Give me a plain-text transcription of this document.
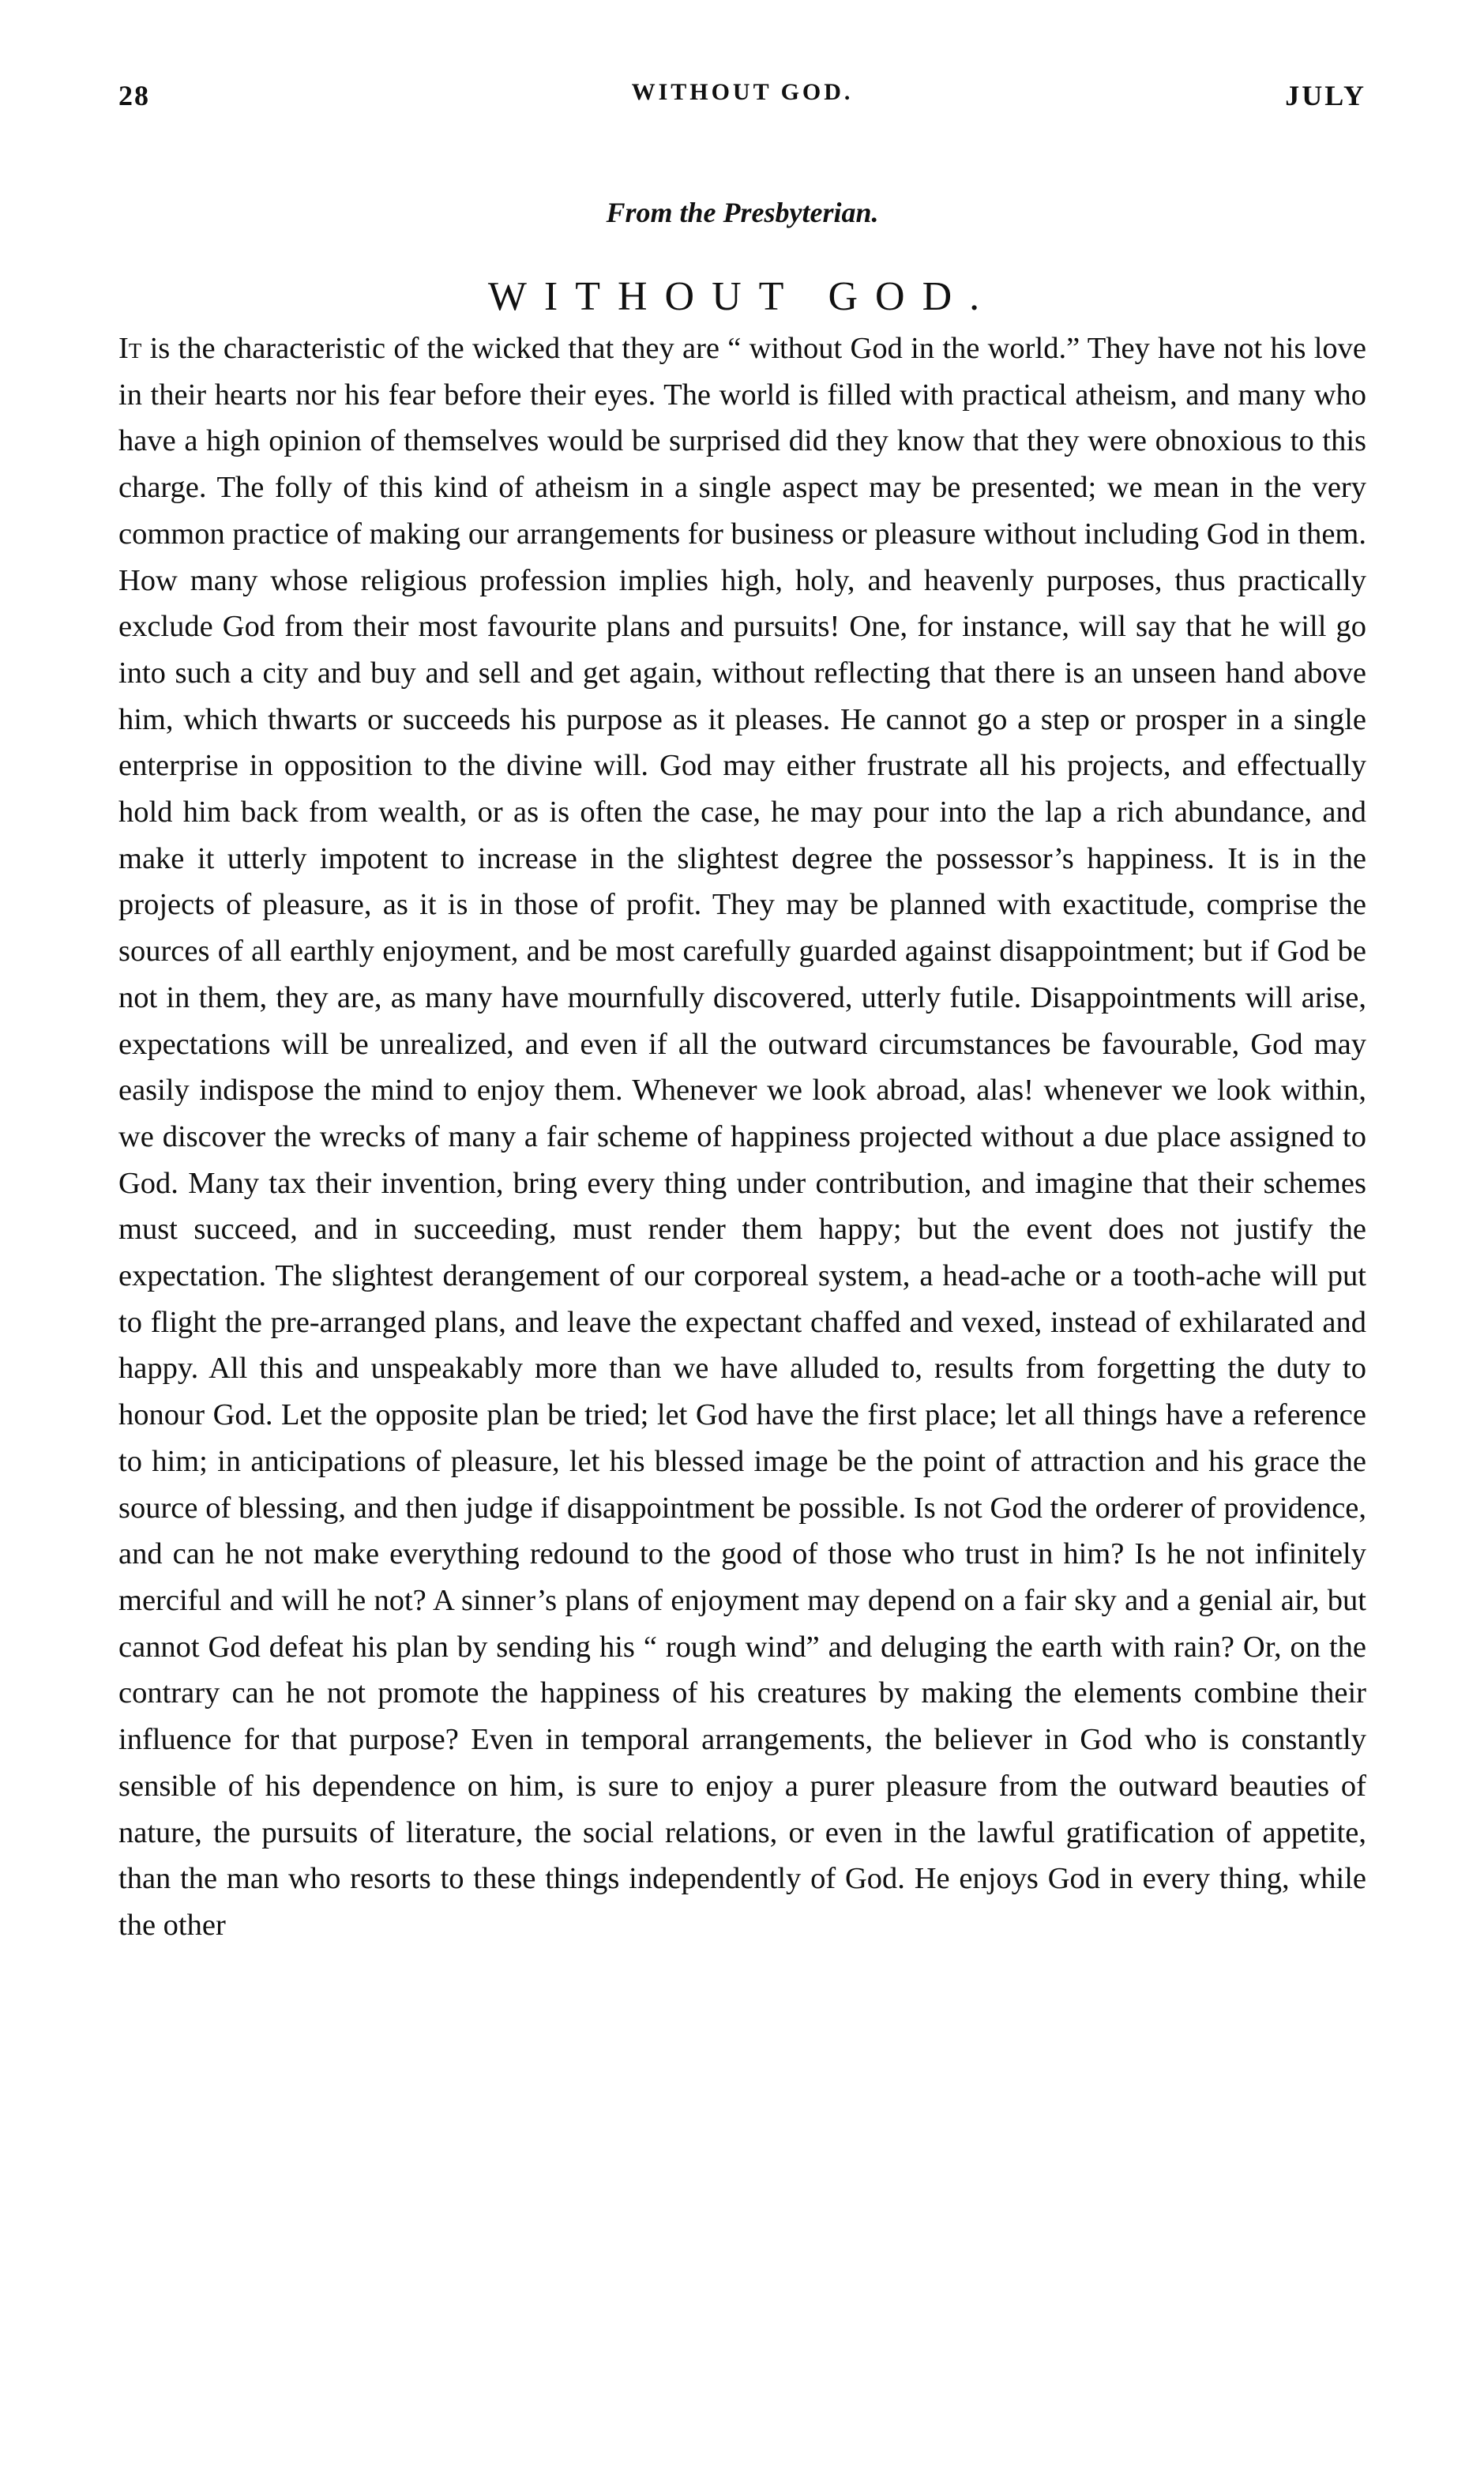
28	WITHOUT GOD.	JULY
From the Presbyterian.
WITHOUT GOD.
It is the characteristic of the wicked that they are “ without God in the world.” They have not his love in their hearts nor his fear before their eyes. The world is filled with practical atheism, and many who have a high opinion of themselves would be surprised did they know that they were obnoxious to this charge. The folly of this kind of atheism in a single aspect may be presented; we mean in the very common practice of making our arrangements for business or pleasure without including God in them. How many whose religious profession implies high, holy, and heavenly purposes, thus practically exclude God from their most favourite plans and pursuits! One, for instance, will say that he will go into such a city and buy and sell and get again, without reflecting that there is an unseen hand above him, which thwarts or succeeds his purpose as it pleases. He cannot go a step or prosper in a single enterprise in opposition to the divine will. God may either frustrate all his projects, and effectually hold him back from wealth, or as is often the case, he may pour into the lap a rich abundance, and make it utterly impotent to increase in the slightest degree the possessor’s happiness. It is in the projects of pleasure, as it is in those of profit. They may be planned with exactitude, comprise the sources of all earthly enjoyment, and be most carefully guarded against disappointment; but if God be not in them, they are, as many have mournfully discovered, utterly futile. Disappointments will arise, expectations will be unrealized, and even if all the outward circumstances be favourable, God may easily indispose the mind to enjoy them. Whenever we look abroad, alas! whenever we look within, we discover the wrecks of many a fair scheme of happiness projected without a due place assigned to God. Many tax their invention, bring every thing under contribution, and imagine that their schemes must succeed, and in succeeding, must render them happy; but the event does not justify the expectation. The slightest derangement of our corporeal system, a head-ache or a tooth-ache will put to flight the pre-arranged plans, and leave the expectant chaffed and vexed, instead of exhilarated and happy. All this and unspeakably more than we have alluded to, results from forgetting the duty to honour God. Let the opposite plan be tried; let God have the first place; let all things have a reference to him; in anticipations of pleasure, let his blessed image be the point of attraction and his grace the source of blessing, and then judge if disappointment be possible. Is not God the orderer of providence, and can he not make everything redound to the good of those who trust in him? Is he not infinitely merciful and will he not? A sinner’s plans of enjoyment may depend on a fair sky and a genial air, but cannot God defeat his plan by sending his “ rough wind” and deluging the earth with rain? Or, on the contrary can he not promote the happiness of his creatures by making the elements combine their influence for that purpose? Even in temporal arrangements, the believer in God who is constantly sensible of his dependence on him, is sure to enjoy a purer pleasure from the outward beauties of nature, the pursuits of literature, the social relations, or even in the lawful gratification of appetite, than the man who resorts to these things independently of God. He enjoys God in every thing, while the other
